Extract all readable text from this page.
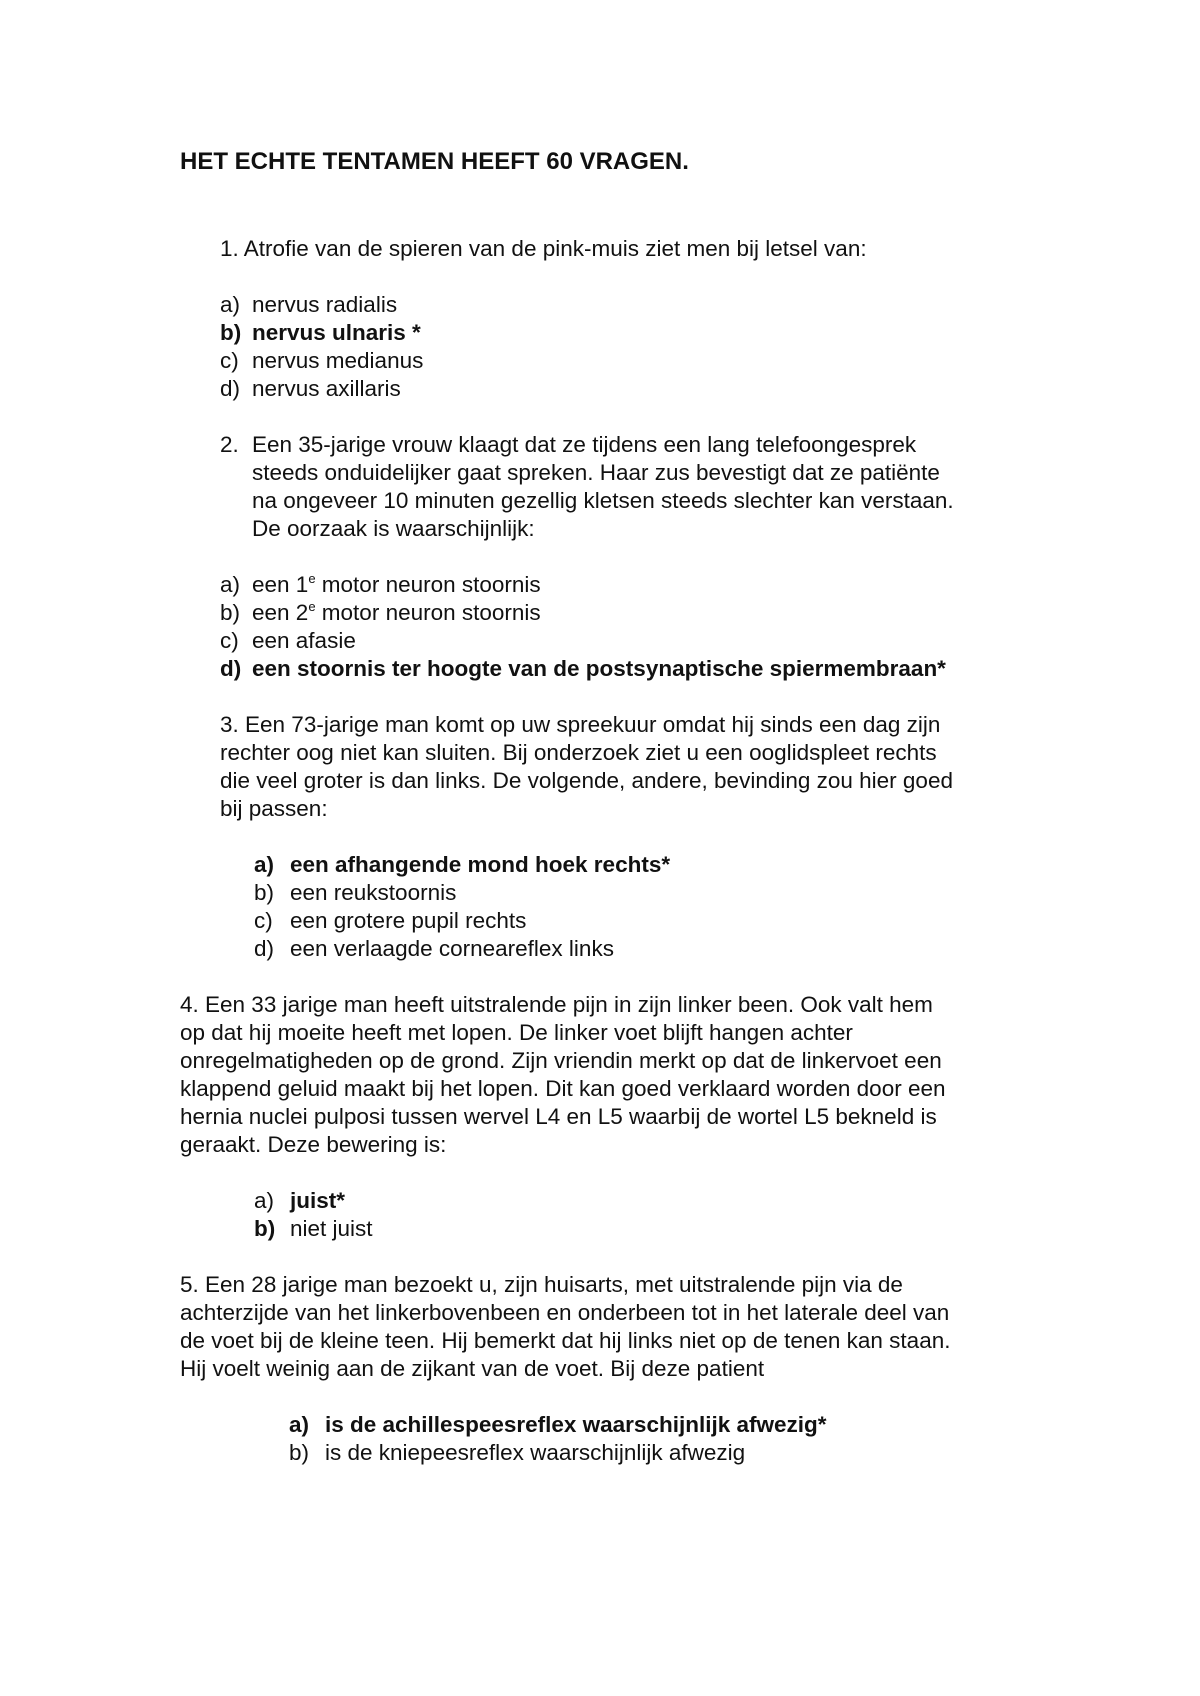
HET ECHTE TENTAMEN HEEFT 60 VRAGEN.
1. Atrofie van de spieren van de pink-muis ziet men bij letsel van:
a) nervus radialis
b) nervus ulnaris *
c) nervus medianus
d) nervus axillaris
2. Een 35-jarige vrouw klaagt dat ze tijdens een lang telefoongesprek
steeds onduidelijker gaat spreken. Haar zus bevestigt dat ze patiënte
na ongeveer 10 minuten gezellig kletsen steeds slechter kan verstaan.
De oorzaak is waarschijnlijk:
a) een 1e motor neuron stoornis
b) een 2e motor neuron stoornis
c) een afasie
d) een stoornis ter hoogte van de postsynaptische spiermembraan*
3. Een 73-jarige man komt op uw spreekuur omdat hij sinds een dag zijn
rechter oog niet kan sluiten. Bij onderzoek ziet u een ooglidspleet rechts
die veel groter is dan links. De volgende, andere, bevinding zou hier goed
bij passen:
a) een afhangende mond hoek rechts*
b) een reukstoornis
c) een grotere pupil rechts
d) een verlaagde corneareflex links
4. Een 33 jarige man heeft uitstralende pijn in zijn linker been. Ook valt hem
op dat hij moeite heeft met lopen. De linker voet blijft hangen achter
onregelmatigheden op de grond. Zijn vriendin merkt op dat de linkervoet een
klappend geluid maakt bij het lopen. Dit kan goed verklaard worden door een
hernia nuclei pulposi tussen wervel L4 en L5 waarbij de wortel L5 bekneld is
geraakt. Deze bewering is:
a) juist*
b) niet juist
5. Een 28 jarige man bezoekt u, zijn huisarts, met uitstralende pijn via de
achterzijde van het linkerbovenbeen en onderbeen tot in het laterale deel van
de voet bij de kleine teen. Hij bemerkt dat hij links niet op de tenen kan staan.
Hij voelt weinig aan de zijkant van de voet. Bij deze patient
a) is de achillespeesreflex waarschijnlijk afwezig*
b) is de kniepeesreflex waarschijnlijk afwezig
